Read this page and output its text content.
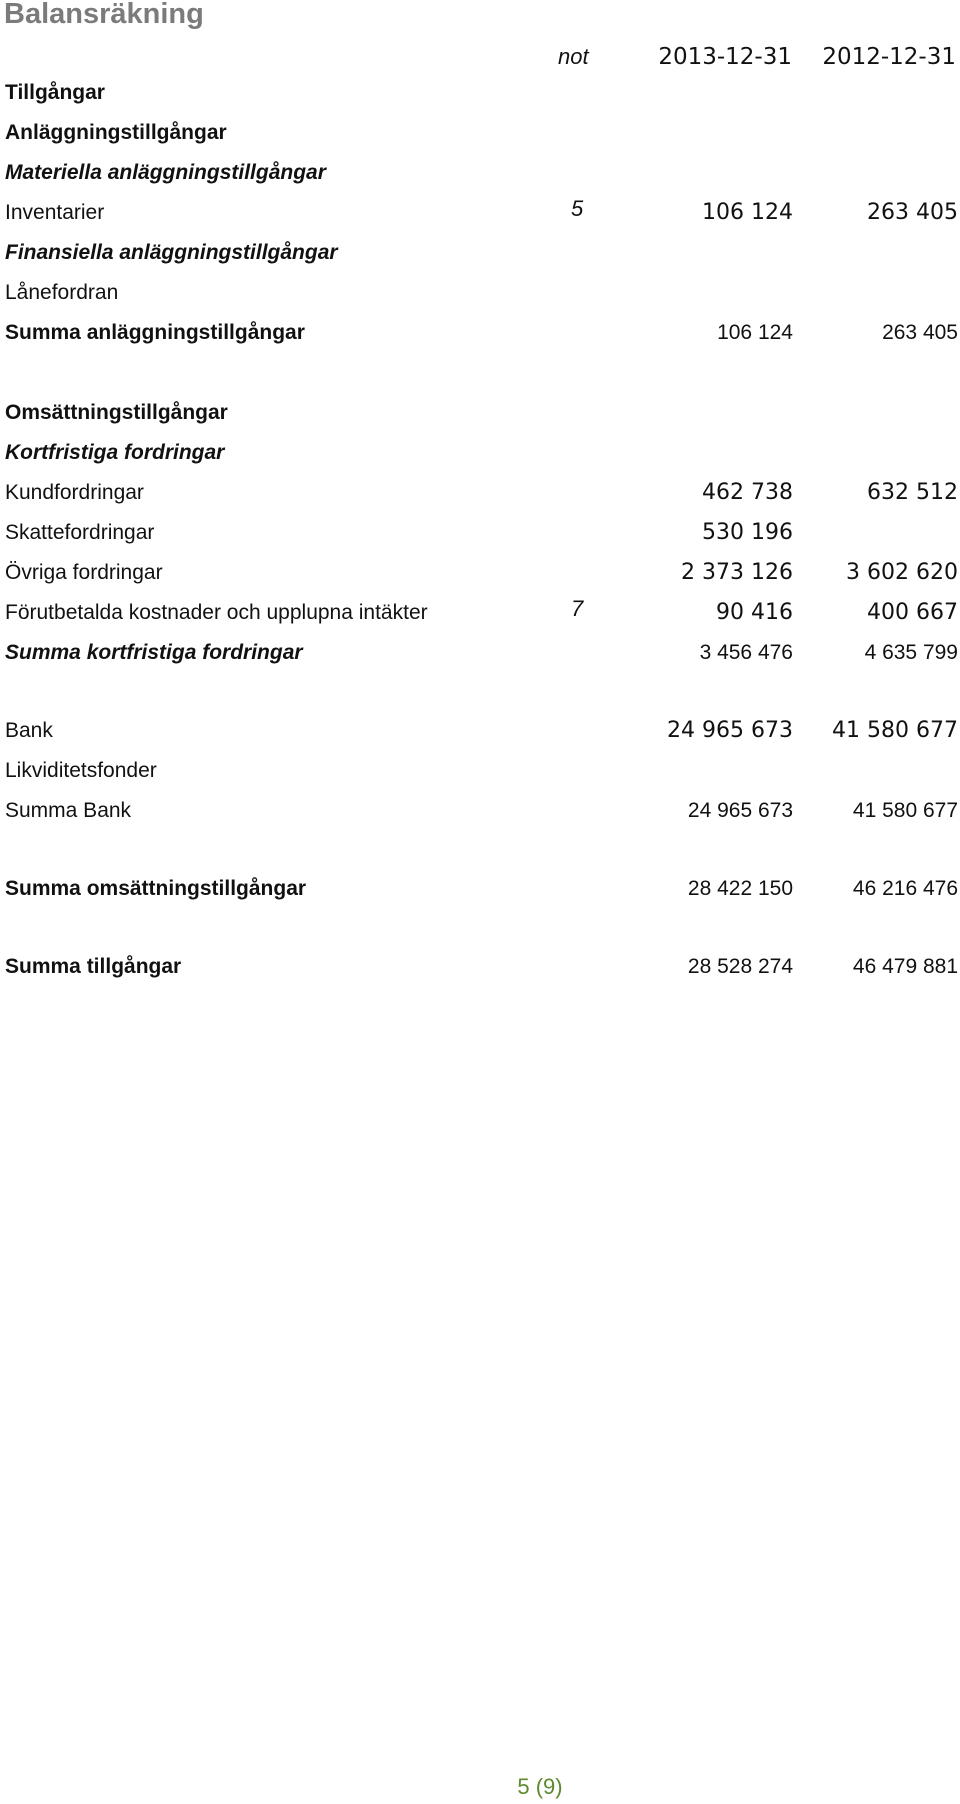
Balansräkning
not	2013-12-31	2012-12-31
Tillgångar
Anläggningstillgångar
Materiella anläggningstillgångar
Inventarier	5	106 124	263 405
Finansiella anläggningstillgångar
Lånefordran
Summa anläggningstillgångar	106 124	263 405
Omsättningstillgångar
Kortfristiga fordringar
Kundfordringar	462 738	632 512
Skattefordringar	530 196
Övriga fordringar	2 373 126	3 602 620
Förutbetalda kostnader och upplupna intäkter	7	90 416	400 667
Summa kortfristiga fordringar	3 456 476	4 635 799
Bank	24 965 673	41 580 677
Likviditetsfonder
Summa Bank	24 965 673	41 580 677
Summa omsättningstillgångar	28 422 150	46 216 476
Summa tillgångar	28 528 274	46 479 881
5 (9)
